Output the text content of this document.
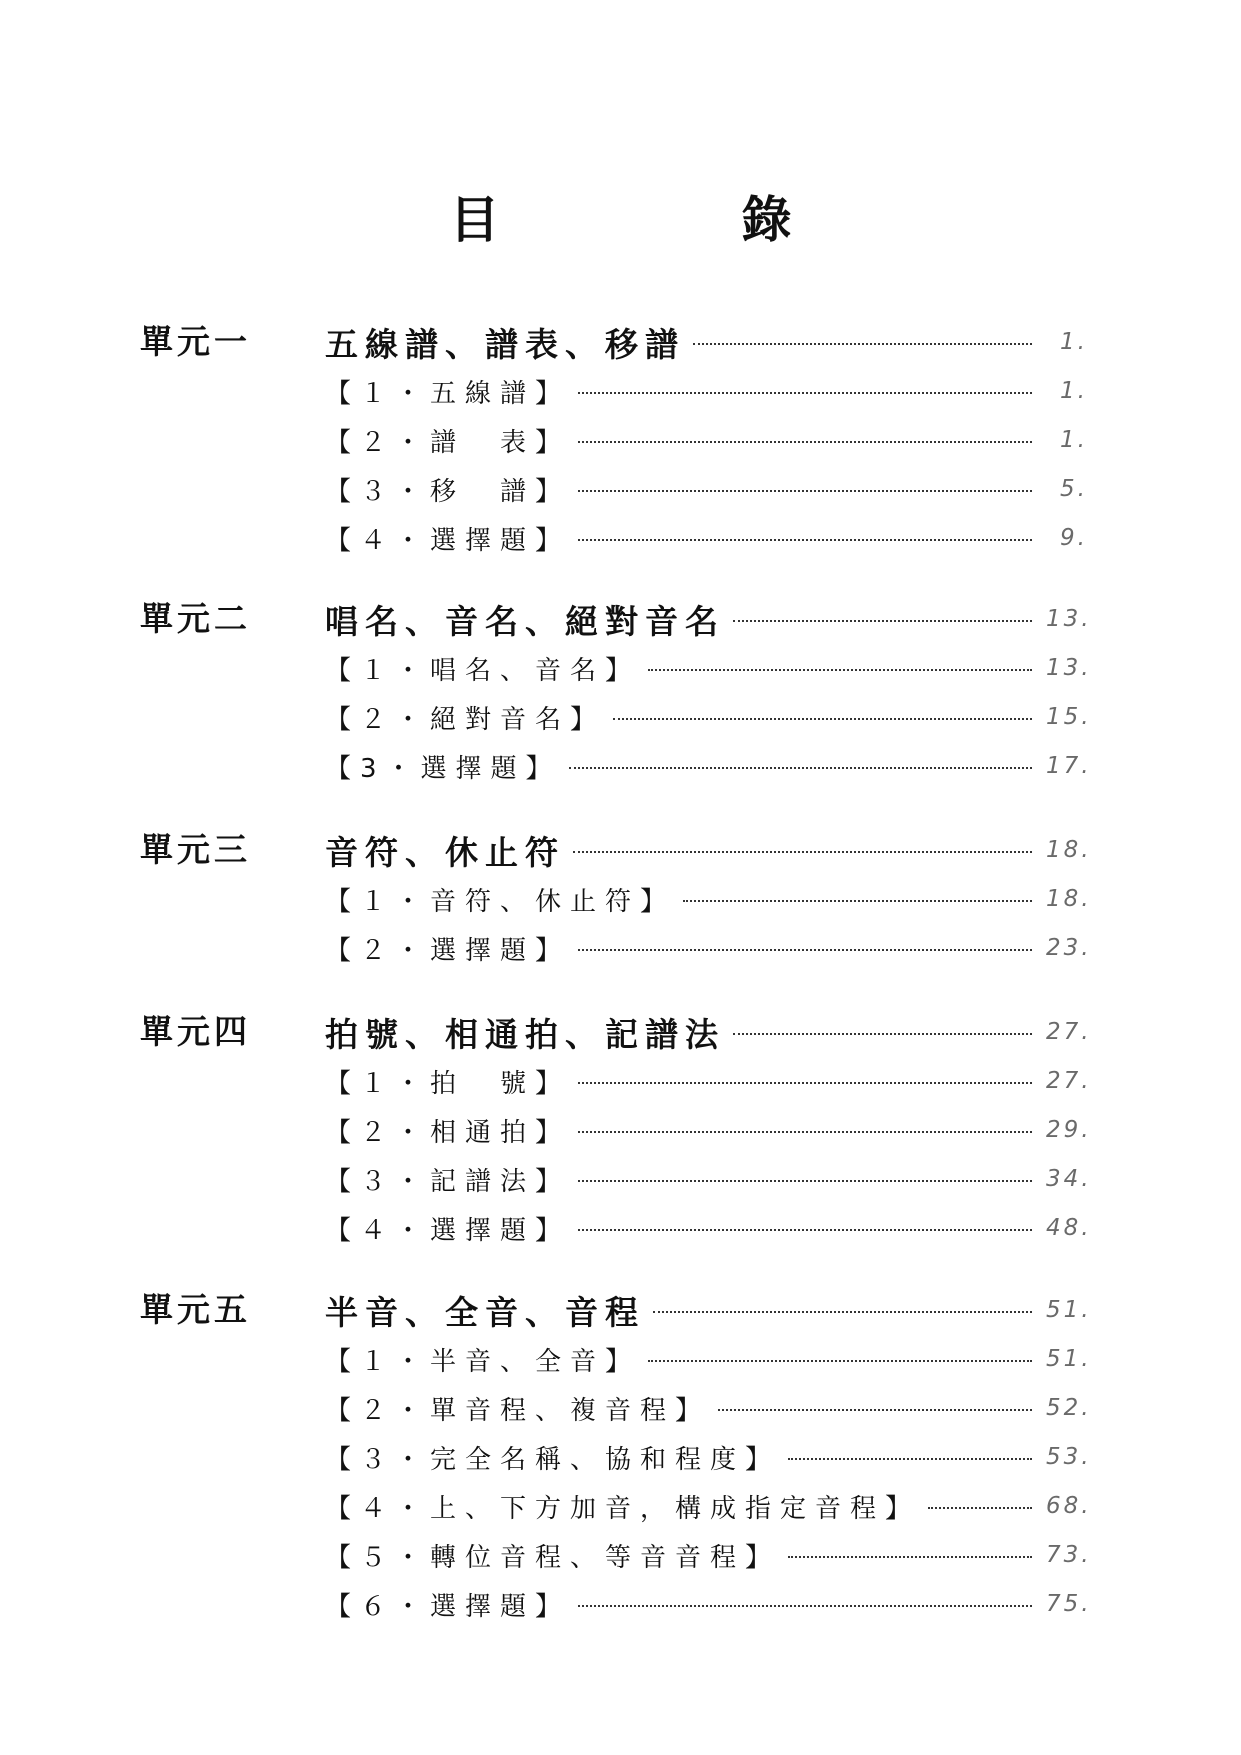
目　錄
單元一 五線譜、譜表、移譜	1.
【１・五線譜】	1.
【２・譜　表】	1.
【３・移　譜】	5.
【４・選擇題】	9.
單元二 唱名、音名、絕對音名	13.
【１・唱名、音名】	13.
【２・絕對音名】	15.
【3・選擇題】	17.
單元三 音符、休止符	18.
【１・音符、休止符】	18.
【２・選擇題】	23.
單元四 拍號、相通拍、記譜法	27.
【１・拍　號】	27.
【２・相通拍】	29.
【３・記譜法】	34.
【４・選擇題】	48.
單元五 半音、全音、音程	51.
【１・半音、全音】	51.
【２・單音程、複音程】	52.
【３・完全名稱、協和程度】	53.
【４・上、下方加音，構成指定音程】	68.
【５・轉位音程、等音音程】	73.
【６・選擇題】	75.
